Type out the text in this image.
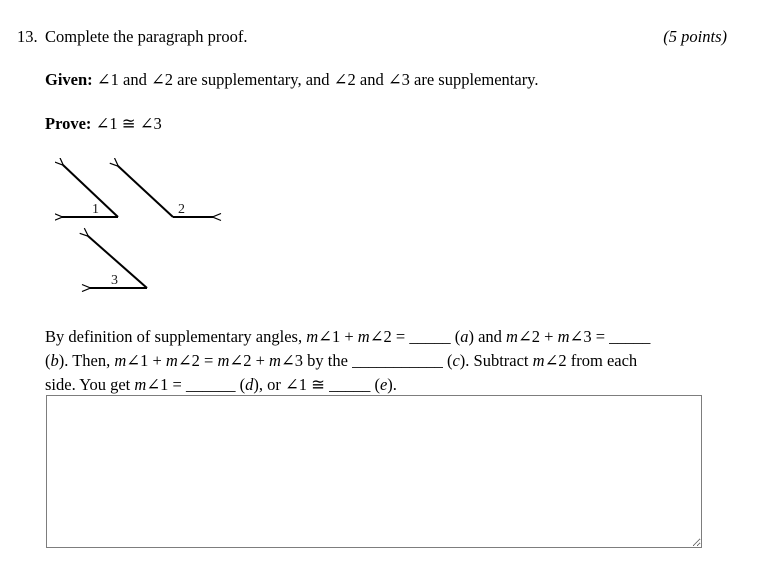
13. Complete the paragraph proof.	(5 points)
Given: ∠1 and ∠2 are supplementary, and ∠2 and ∠3 are supplementary.
Prove: ∠1 ≅ ∠3
1	2
3
By definition of supplementary angles, m∠1 + m∠2 = _____ (a) and m∠2 + m∠3 = _____
(b). Then, m∠1 + m∠2 = m∠2 + m∠3 by the ___________ (c). Subtract m∠2 from each
side. You get m∠1 = ______ (d), or ∠1 ≅ _____ (e).
